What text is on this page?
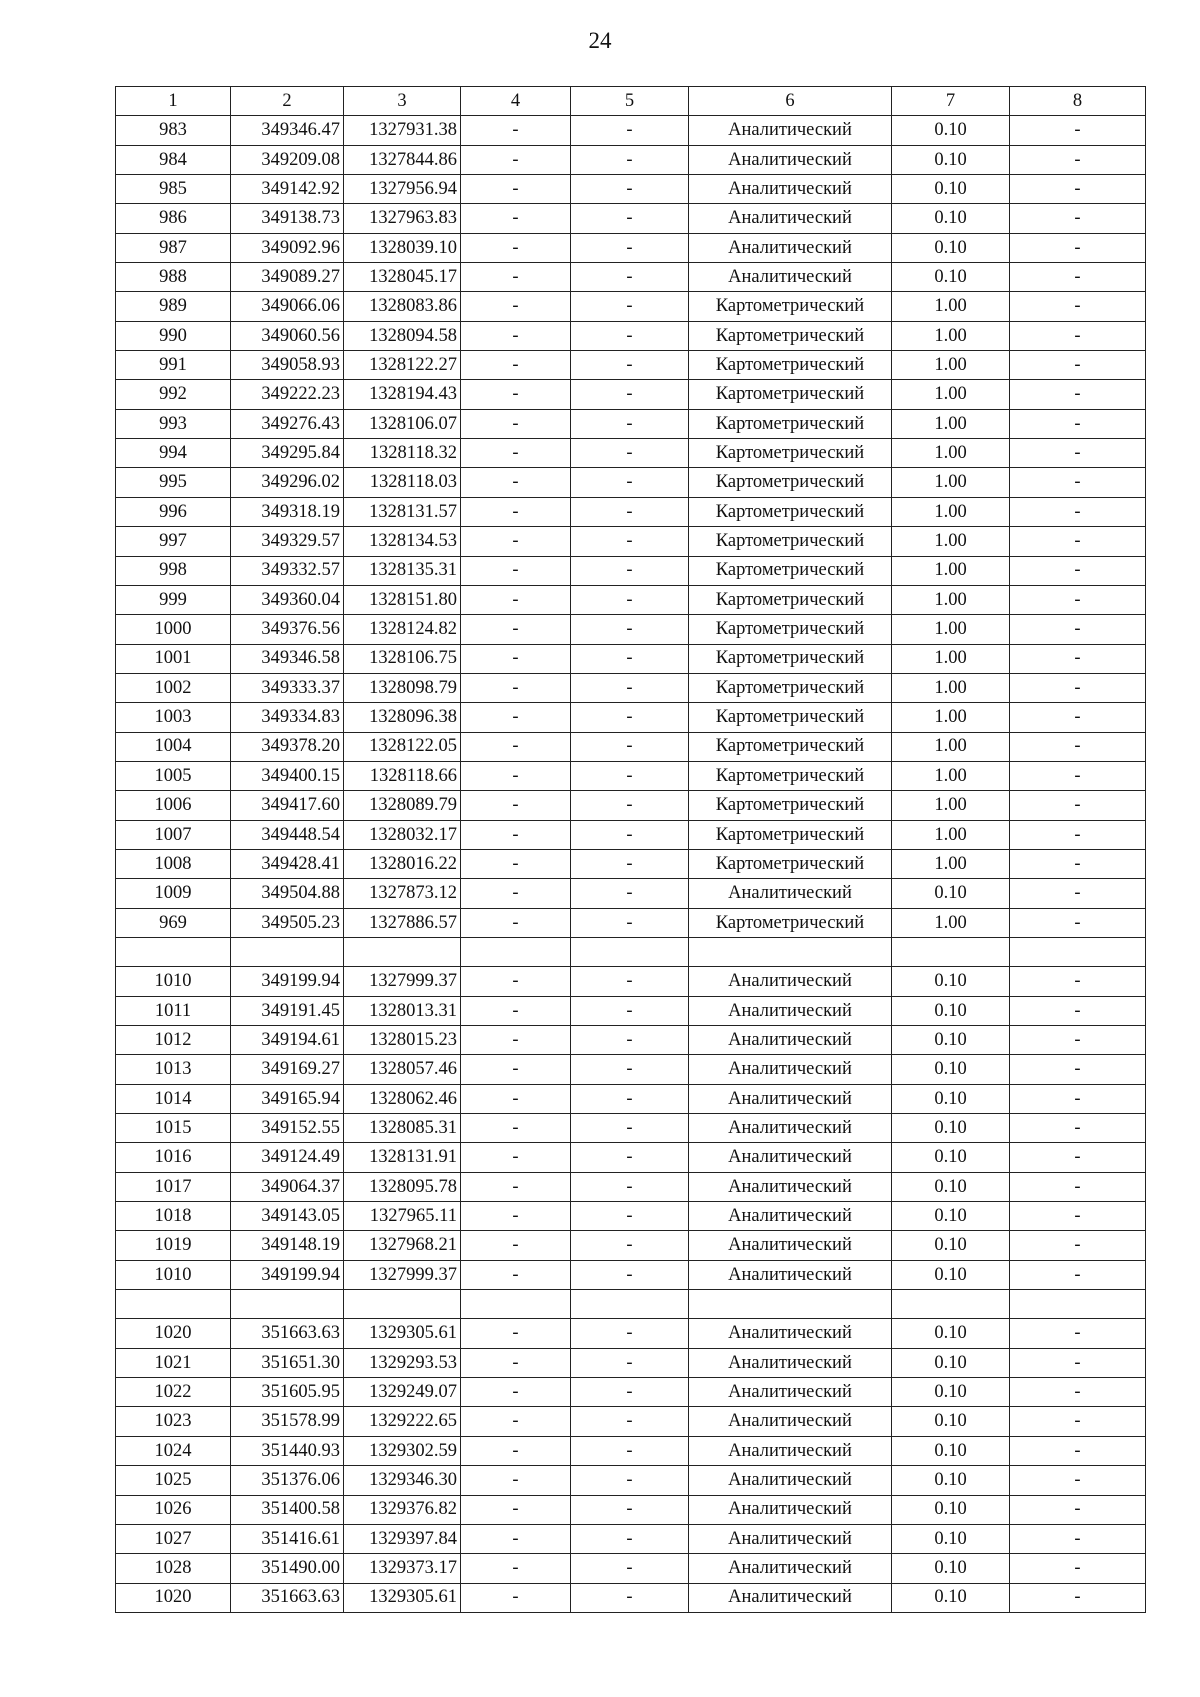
24
1	2	3	4	5	6	7	8
983	349346.47	1327931.38	-	-	Аналитический	0.10	-
984	349209.08	1327844.86	-	-	Аналитический	0.10	-
985	349142.92	1327956.94	-	-	Аналитический	0.10	-
986	349138.73	1327963.83	-	-	Аналитический	0.10	-
987	349092.96	1328039.10	-	-	Аналитический	0.10	-
988	349089.27	1328045.17	-	-	Аналитический	0.10	-
989	349066.06	1328083.86	-	-	Картометрический	1.00	-
990	349060.56	1328094.58	-	-	Картометрический	1.00	-
991	349058.93	1328122.27	-	-	Картометрический	1.00	-
992	349222.23	1328194.43	-	-	Картометрический	1.00	-
993	349276.43	1328106.07	-	-	Картометрический	1.00	-
994	349295.84	1328118.32	-	-	Картометрический	1.00	-
995	349296.02	1328118.03	-	-	Картометрический	1.00	-
996	349318.19	1328131.57	-	-	Картометрический	1.00	-
997	349329.57	1328134.53	-	-	Картометрический	1.00	-
998	349332.57	1328135.31	-	-	Картометрический	1.00	-
999	349360.04	1328151.80	-	-	Картометрический	1.00	-
1000	349376.56	1328124.82	-	-	Картометрический	1.00	-
1001	349346.58	1328106.75	-	-	Картометрический	1.00	-
1002	349333.37	1328098.79	-	-	Картометрический	1.00	-
1003	349334.83	1328096.38	-	-	Картометрический	1.00	-
1004	349378.20	1328122.05	-	-	Картометрический	1.00	-
1005	349400.15	1328118.66	-	-	Картометрический	1.00	-
1006	349417.60	1328089.79	-	-	Картометрический	1.00	-
1007	349448.54	1328032.17	-	-	Картометрический	1.00	-
1008	349428.41	1328016.22	-	-	Картометрический	1.00	-
1009	349504.88	1327873.12	-	-	Аналитический	0.10	-
969	349505.23	1327886.57	-	-	Картометрический	1.00	-

1010	349199.94	1327999.37	-	-	Аналитический	0.10	-
1011	349191.45	1328013.31	-	-	Аналитический	0.10	-
1012	349194.61	1328015.23	-	-	Аналитический	0.10	-
1013	349169.27	1328057.46	-	-	Аналитический	0.10	-
1014	349165.94	1328062.46	-	-	Аналитический	0.10	-
1015	349152.55	1328085.31	-	-	Аналитический	0.10	-
1016	349124.49	1328131.91	-	-	Аналитический	0.10	-
1017	349064.37	1328095.78	-	-	Аналитический	0.10	-
1018	349143.05	1327965.11	-	-	Аналитический	0.10	-
1019	349148.19	1327968.21	-	-	Аналитический	0.10	-
1010	349199.94	1327999.37	-	-	Аналитический	0.10	-

1020	351663.63	1329305.61	-	-	Аналитический	0.10	-
1021	351651.30	1329293.53	-	-	Аналитический	0.10	-
1022	351605.95	1329249.07	-	-	Аналитический	0.10	-
1023	351578.99	1329222.65	-	-	Аналитический	0.10	-
1024	351440.93	1329302.59	-	-	Аналитический	0.10	-
1025	351376.06	1329346.30	-	-	Аналитический	0.10	-
1026	351400.58	1329376.82	-	-	Аналитический	0.10	-
1027	351416.61	1329397.84	-	-	Аналитический	0.10	-
1028	351490.00	1329373.17	-	-	Аналитический	0.10	-
1020	351663.63	1329305.61	-	-	Аналитический	0.10	-
